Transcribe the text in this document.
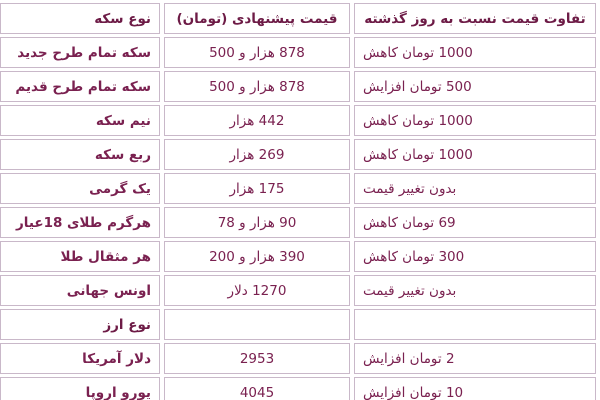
تفاوت قیمت نسبت به روز گذشته	قیمت پیشنهادی (تومان)	نوع سکه
1000 تومان کاهش	878 هزار و 500	سکه تمام طرح جدید
500 تومان افزایش	878 هزار و 500	سکه تمام طرح قدیم
1000 تومان کاهش	442 هزار	نیم سکه
1000 تومان کاهش	269 هزار	ربع سکه
بدون تغییر قیمت	175 هزار	یک گرمی
69 تومان کاهش	90 هزار و 78	هرگرم طلای 18عیار
300 تومان کاهش	390 هزار و 200	هر مثقال طلا
بدون تغییر قیمت	1270 دلار	اونس جهانی
		نوع ارز
2 تومان افزایش	2953	دلار آمریکا
10 تومان افزایش	4045	یورو اروپا
